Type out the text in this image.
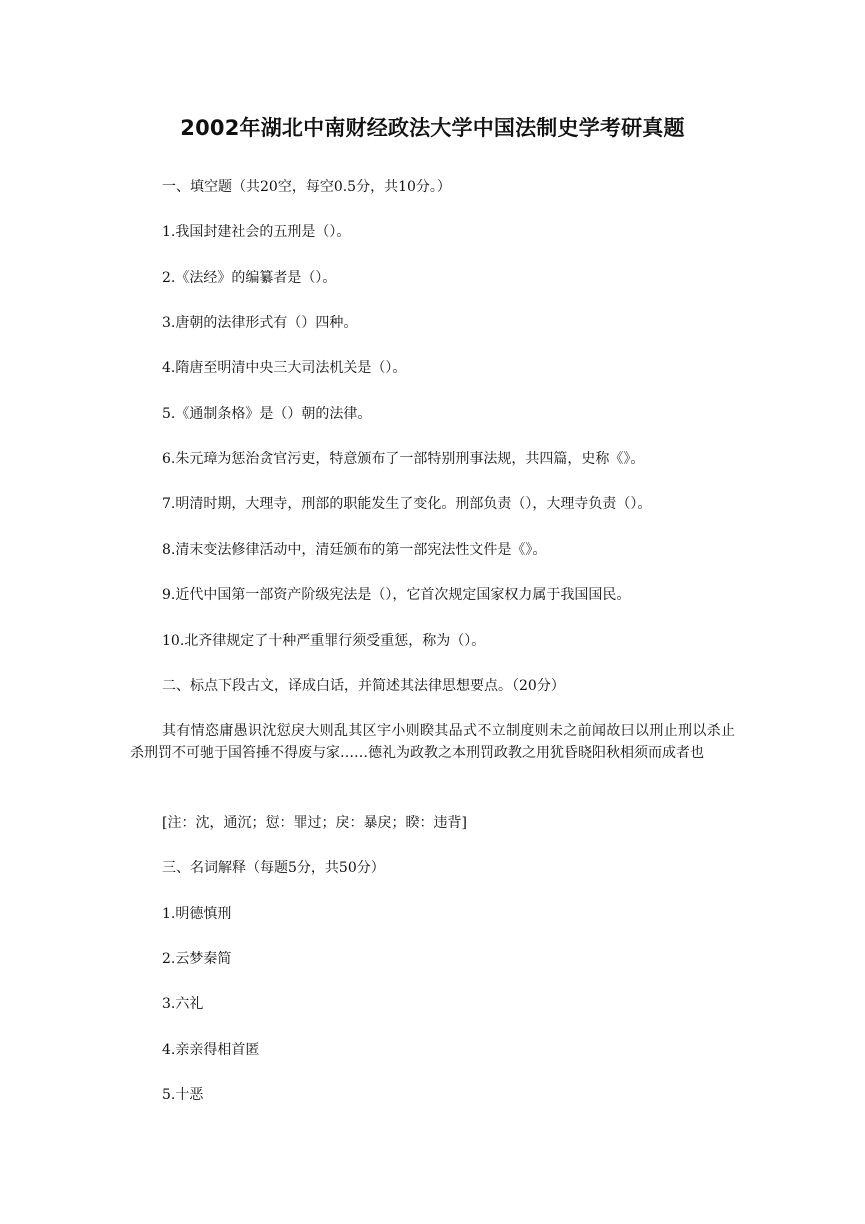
2002年湖北中南财经政法大学中国法制史学考研真题
一、填空题（共20空，每空0.5分，共10分。）
1.我国封建社会的五刑是（）。
2.《法经》的编纂者是（）。
3.唐朝的法律形式有（）四种。
4.隋唐至明清中央三大司法机关是（）。
5.《通制条格》是（）朝的法律。
6.朱元璋为惩治贪官污吏，特意颁布了一部特别刑事法规，共四篇，史称《》。
7.明清时期，大理寺，刑部的职能发生了变化。刑部负责（），大理寺负责（）。
8.清末变法修律活动中，清廷颁布的第一部宪法性文件是《》。
9.近代中国第一部资产阶级宪法是（），它首次规定国家权力属于我国国民。
10.北齐律规定了十种严重罪行须受重惩，称为（）。
二、标点下段古文，译成白话，并简述其法律思想要点。（20分）
其有情恣庸愚识沈愆戾大则乱其区宇小则睽其品式不立制度则未之前闻故曰以刑止刑以杀止杀刑罚不可驰于国笞捶不得废与家……德礼为政教之本刑罚政教之用犹昏晓阳秋相须而成者也
[注：沈，通沉；愆：罪过；戾：暴戾；睽：违背]
三、名词解释（每题5分，共50分）
1.明德慎刑
2.云梦秦简
3.六礼
4.亲亲得相首匿
5.十恶
